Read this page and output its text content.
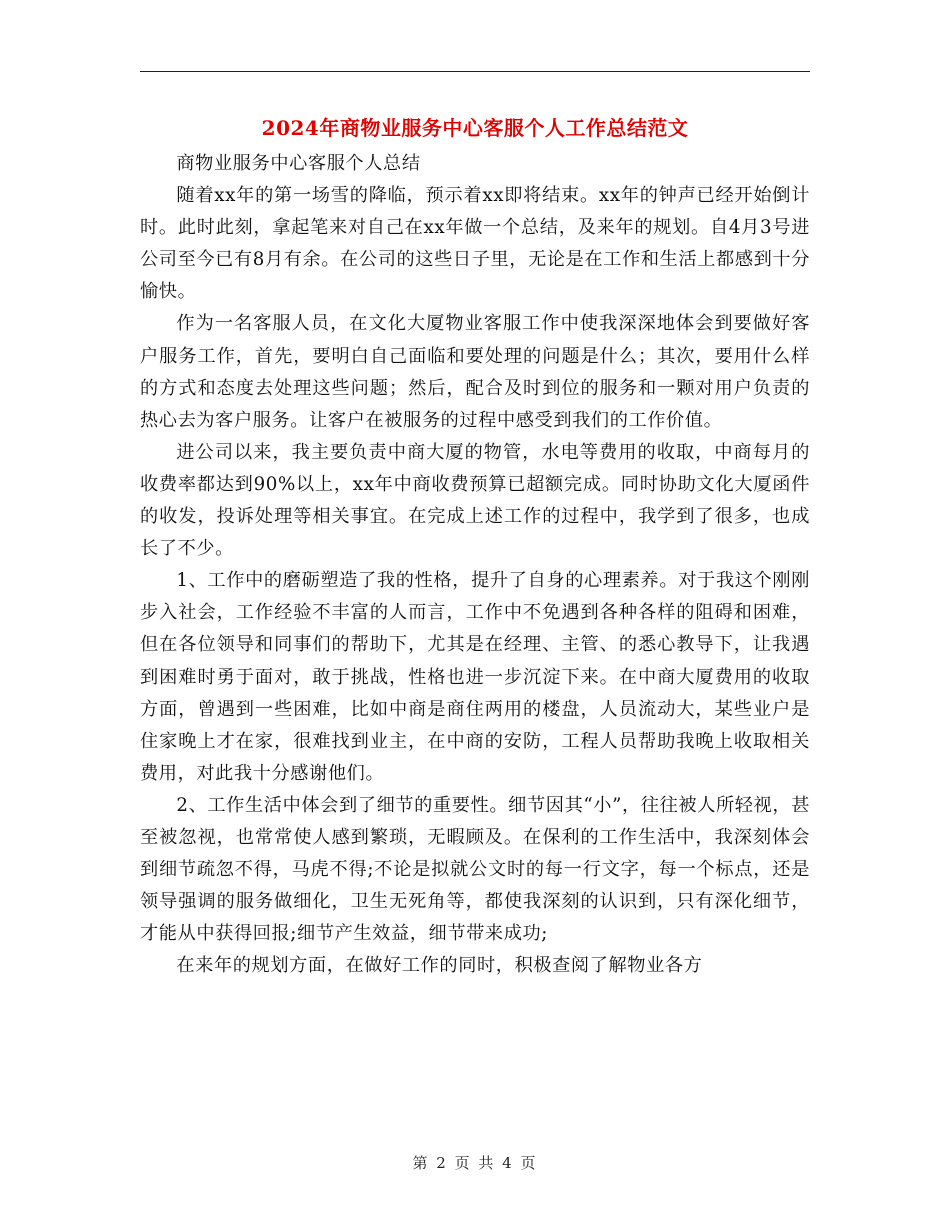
2024年商物业服务中心客服个人工作总结范文

商物业服务中心客服个人总结

随着xx年的第一场雪的降临，预示着xx即将结束。xx年的钟声已经开始倒计时。此时此刻，拿起笔来对自己在xx年做一个总结，及来年的规划。自4月3号进公司至今已有8月有余。在公司的这些日子里，无论是在工作和生活上都感到十分愉快。

作为一名客服人员，在文化大厦物业客服工作中使我深深地体会到要做好客户服务工作，首先，要明白自己面临和要处理的问题是什么；其次，要用什么样的方式和态度去处理这些问题；然后，配合及时到位的服务和一颗对用户负责的热心去为客户服务。让客户在被服务的过程中感受到我们的工作价值。

进公司以来，我主要负责中商大厦的物管，水电等费用的收取，中商每月的收费率都达到90%以上，xx年中商收费预算已超额完成。同时协助文化大厦函件的收发，投诉处理等相关事宜。在完成上述工作的过程中，我学到了很多，也成长了不少。

1、工作中的磨砺塑造了我的性格，提升了自身的心理素养。对于我这个刚刚步入社会，工作经验不丰富的人而言，工作中不免遇到各种各样的阻碍和困难，但在各位领导和同事们的帮助下，尤其是在经理、主管、的悉心教导下，让我遇到困难时勇于面对，敢于挑战，性格也进一步沉淀下来。在中商大厦费用的收取方面，曾遇到一些困难，比如中商是商住两用的楼盘，人员流动大，某些业户是住家晚上才在家，很难找到业主，在中商的安防，工程人员帮助我晚上收取相关费用，对此我十分感谢他们。

2、工作生活中体会到了细节的重要性。细节因其“小”，往往被人所轻视，甚至被忽视，也常常使人感到繁琐，无暇顾及。在保利的工作生活中，我深刻体会到细节疏忽不得，马虎不得;不论是拟就公文时的每一行文字，每一个标点，还是领导强调的服务做细化，卫生无死角等，都使我深刻的认识到，只有深化细节，才能从中获得回报;细节产生效益，细节带来成功;

在来年的规划方面，在做好工作的同时，积极查阅了解物业各方

第 2 页 共 4 页
